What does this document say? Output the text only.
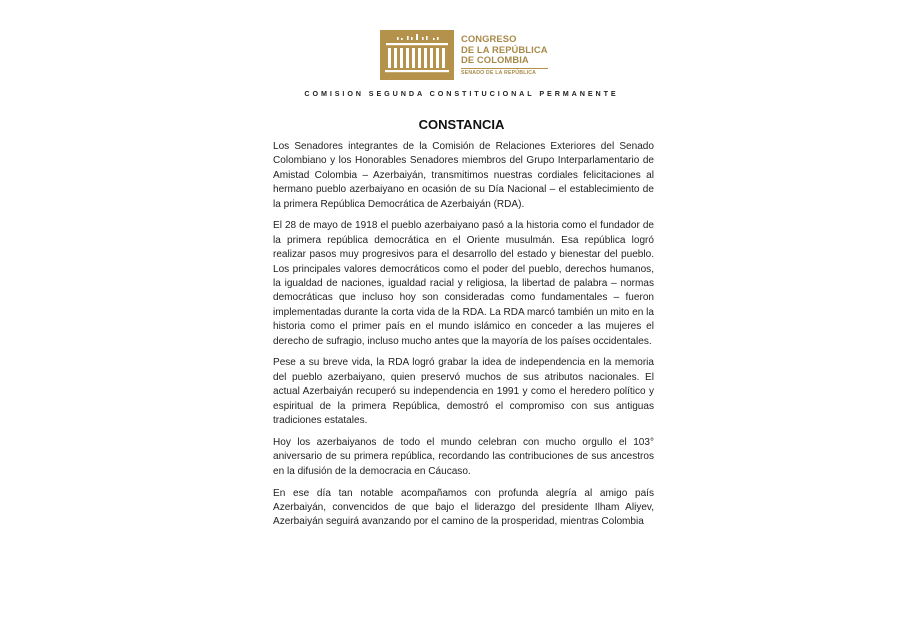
CONGRESO
DE LA REPÚBLICA
DE COLOMBIA
SENADO DE LA REPÚBLICA
COMISION SEGUNDA CONSTITUCIONAL PERMANENTE
CONSTANCIA

Los Senadores integrantes de la Comisión de Relaciones Exteriores del Senado Colombiano y los Honorables Senadores miembros del Grupo Interparlamentario de Amistad Colombia – Azerbaiyán, transmitimos nuestras cordiales felicitaciones al hermano pueblo azerbaiyano en ocasión de su Día Nacional – el establecimiento de la primera República Democrática de Azerbaiyán (RDA).

El 28 de mayo de 1918 el pueblo azerbaiyano pasó a la historia como el fundador de la primera república democrática en el Oriente musulmán. Esa república logró realizar pasos muy progresivos para el desarrollo del estado y bienestar del pueblo. Los principales valores democráticos como el poder del pueblo, derechos humanos, la igualdad de naciones, igualdad racial y religiosa, la libertad de palabra – normas democráticas que incluso hoy son consideradas como fundamentales – fueron implementadas durante la corta vida de la RDA. La RDA marcó también un mito en la historia como el primer país en el mundo islámico en conceder a las mujeres el derecho de sufragio, incluso mucho antes que la mayoría de los países occidentales.

Pese a su breve vida, la RDA logró grabar la idea de independencia en la memoria del pueblo azerbaiyano, quien preservó muchos de sus atributos nacionales. El actual Azerbaiyán recuperó su independencia en 1991 y como el heredero político y espiritual de la primera República, demostró el compromiso con sus antiguas tradiciones estatales.

Hoy los azerbaiyanos de todo el mundo celebran con mucho orgullo el 103° aniversario de su primera república, recordando las contribuciones de sus ancestros en la difusión de la democracia en Cáucaso.

En ese día tan notable acompañamos con profunda alegría al amigo país Azerbaiyán, convencidos de que bajo el liderazgo del presidente Ilham Aliyev, Azerbaiyán seguirá avanzando por el camino de la prosperidad, mientras Colombia
